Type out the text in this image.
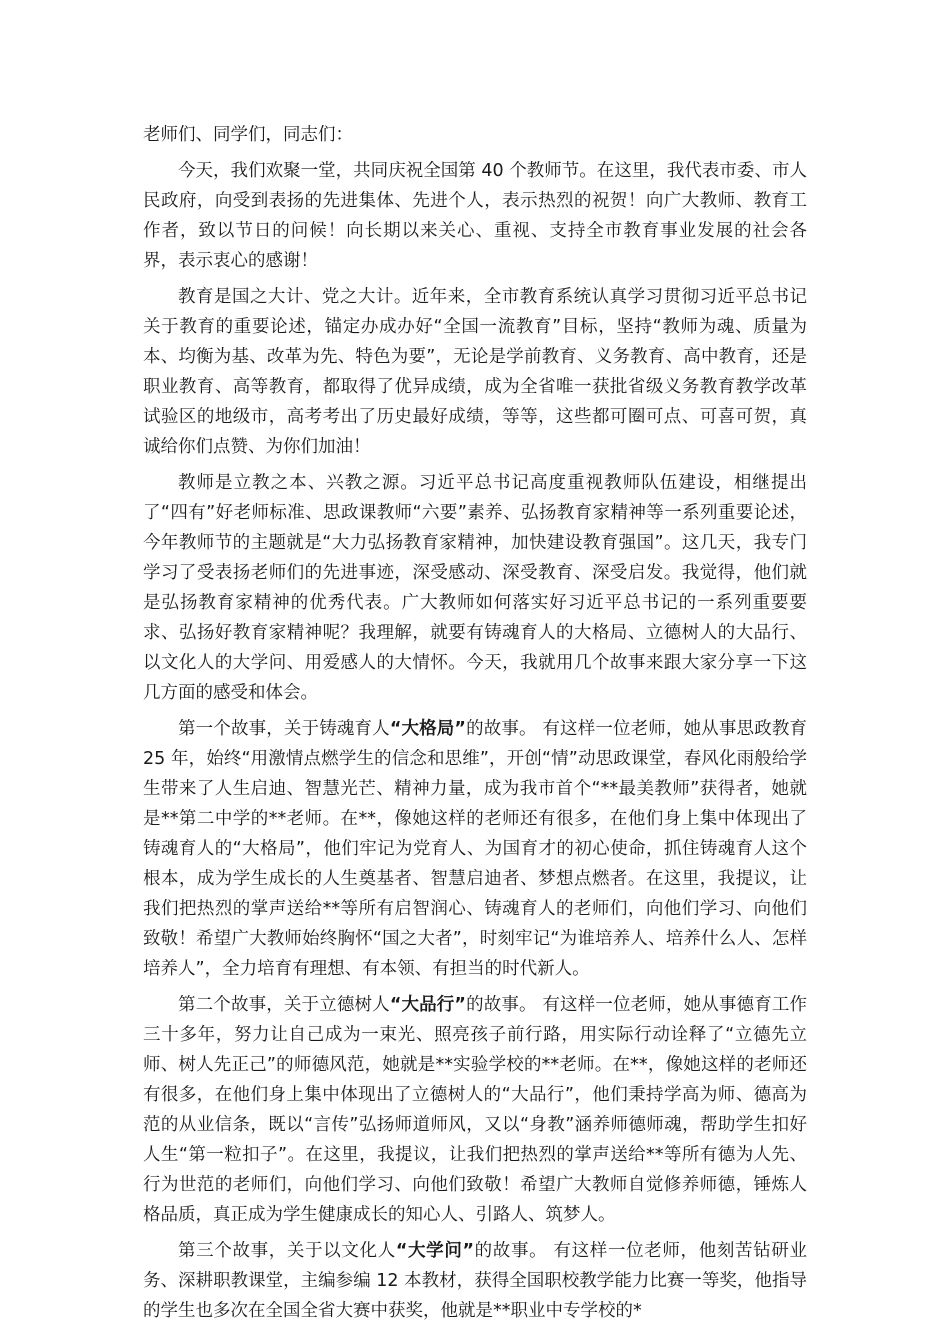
老师们、同学们，同志们：

今天，我们欢聚一堂，共同庆祝全国第 40 个教师节。在这里，我代表市委、市人民政府，向受到表扬的先进集体、先进个人，表示热烈的祝贺！向广大教师、教育工作者，致以节日的问候！向长期以来关心、重视、支持全市教育事业发展的社会各界，表示衷心的感谢！

教育是国之大计、党之大计。近年来，全市教育系统认真学习贯彻习近平总书记关于教育的重要论述，锚定办成办好“全国一流教育”目标，坚持“教师为魂、质量为本、均衡为基、改革为先、特色为要”，无论是学前教育、义务教育、高中教育，还是职业教育、高等教育，都取得了优异成绩，成为全省唯一获批省级义务教育教学改革试验区的地级市，高考考出了历史最好成绩，等等，这些都可圈可点、可喜可贺，真诚给你们点赞、为你们加油！

教师是立教之本、兴教之源。习近平总书记高度重视教师队伍建设，相继提出了“四有”好老师标准、思政课教师“六要”素养、弘扬教育家精神等一系列重要论述，今年教师节的主题就是“大力弘扬教育家精神，加快建设教育强国”。这几天，我专门学习了受表扬老师们的先进事迹，深受感动、深受教育、深受启发。我觉得，他们就是弘扬教育家精神的优秀代表。广大教师如何落实好习近平总书记的一系列重要要求、弘扬好教育家精神呢？我理解，就要有铸魂育人的大格局、立德树人的大品行、以文化人的大学问、用爱感人的大情怀。今天，我就用几个故事来跟大家分享一下这几方面的感受和体会。

第一个故事，关于铸魂育人“大格局”的故事。 有这样一位老师，她从事思政教育 25 年，始终“用激情点燃学生的信念和思维”，开创“情”动思政课堂，春风化雨般给学生带来了人生启迪、智慧光芒、精神力量，成为我市首个“**最美教师”获得者，她就是**第二中学的**老师。在**，像她这样的老师还有很多，在他们身上集中体现出了铸魂育人的“大格局”，他们牢记为党育人、为国育才的初心使命，抓住铸魂育人这个根本，成为学生成长的人生奠基者、智慧启迪者、梦想点燃者。在这里，我提议，让我们把热烈的掌声送给**等所有启智润心、铸魂育人的老师们，向他们学习、向他们致敬！希望广大教师始终胸怀“国之大者”，时刻牢记“为谁培养人、培养什么人、怎样培养人”，全力培育有理想、有本领、有担当的时代新人。

第二个故事，关于立德树人“大品行”的故事。 有这样一位老师，她从事德育工作三十多年，努力让自己成为一束光、照亮孩子前行路，用实际行动诠释了“立德先立师、树人先正己”的师德风范，她就是**实验学校的**老师。在**，像她这样的老师还有很多，在他们身上集中体现出了立德树人的“大品行”，他们秉持学高为师、德高为范的从业信条，既以“言传”弘扬师道师风，又以“身教”涵养师德师魂，帮助学生扣好人生“第一粒扣子”。在这里，我提议，让我们把热烈的掌声送给**等所有德为人先、行为世范的老师们，向他们学习、向他们致敬！希望广大教师自觉修养师德，锤炼人格品质，真正成为学生健康成长的知心人、引路人、筑梦人。

第三个故事，关于以文化人“大学问”的故事。 有这样一位老师，他刻苦钻研业务、深耕职教课堂，主编参编 12 本教材，获得全国职校教学能力比赛一等奖，他指导的学生也多次在全国全省大赛中获奖，他就是**职业中专学校的*
